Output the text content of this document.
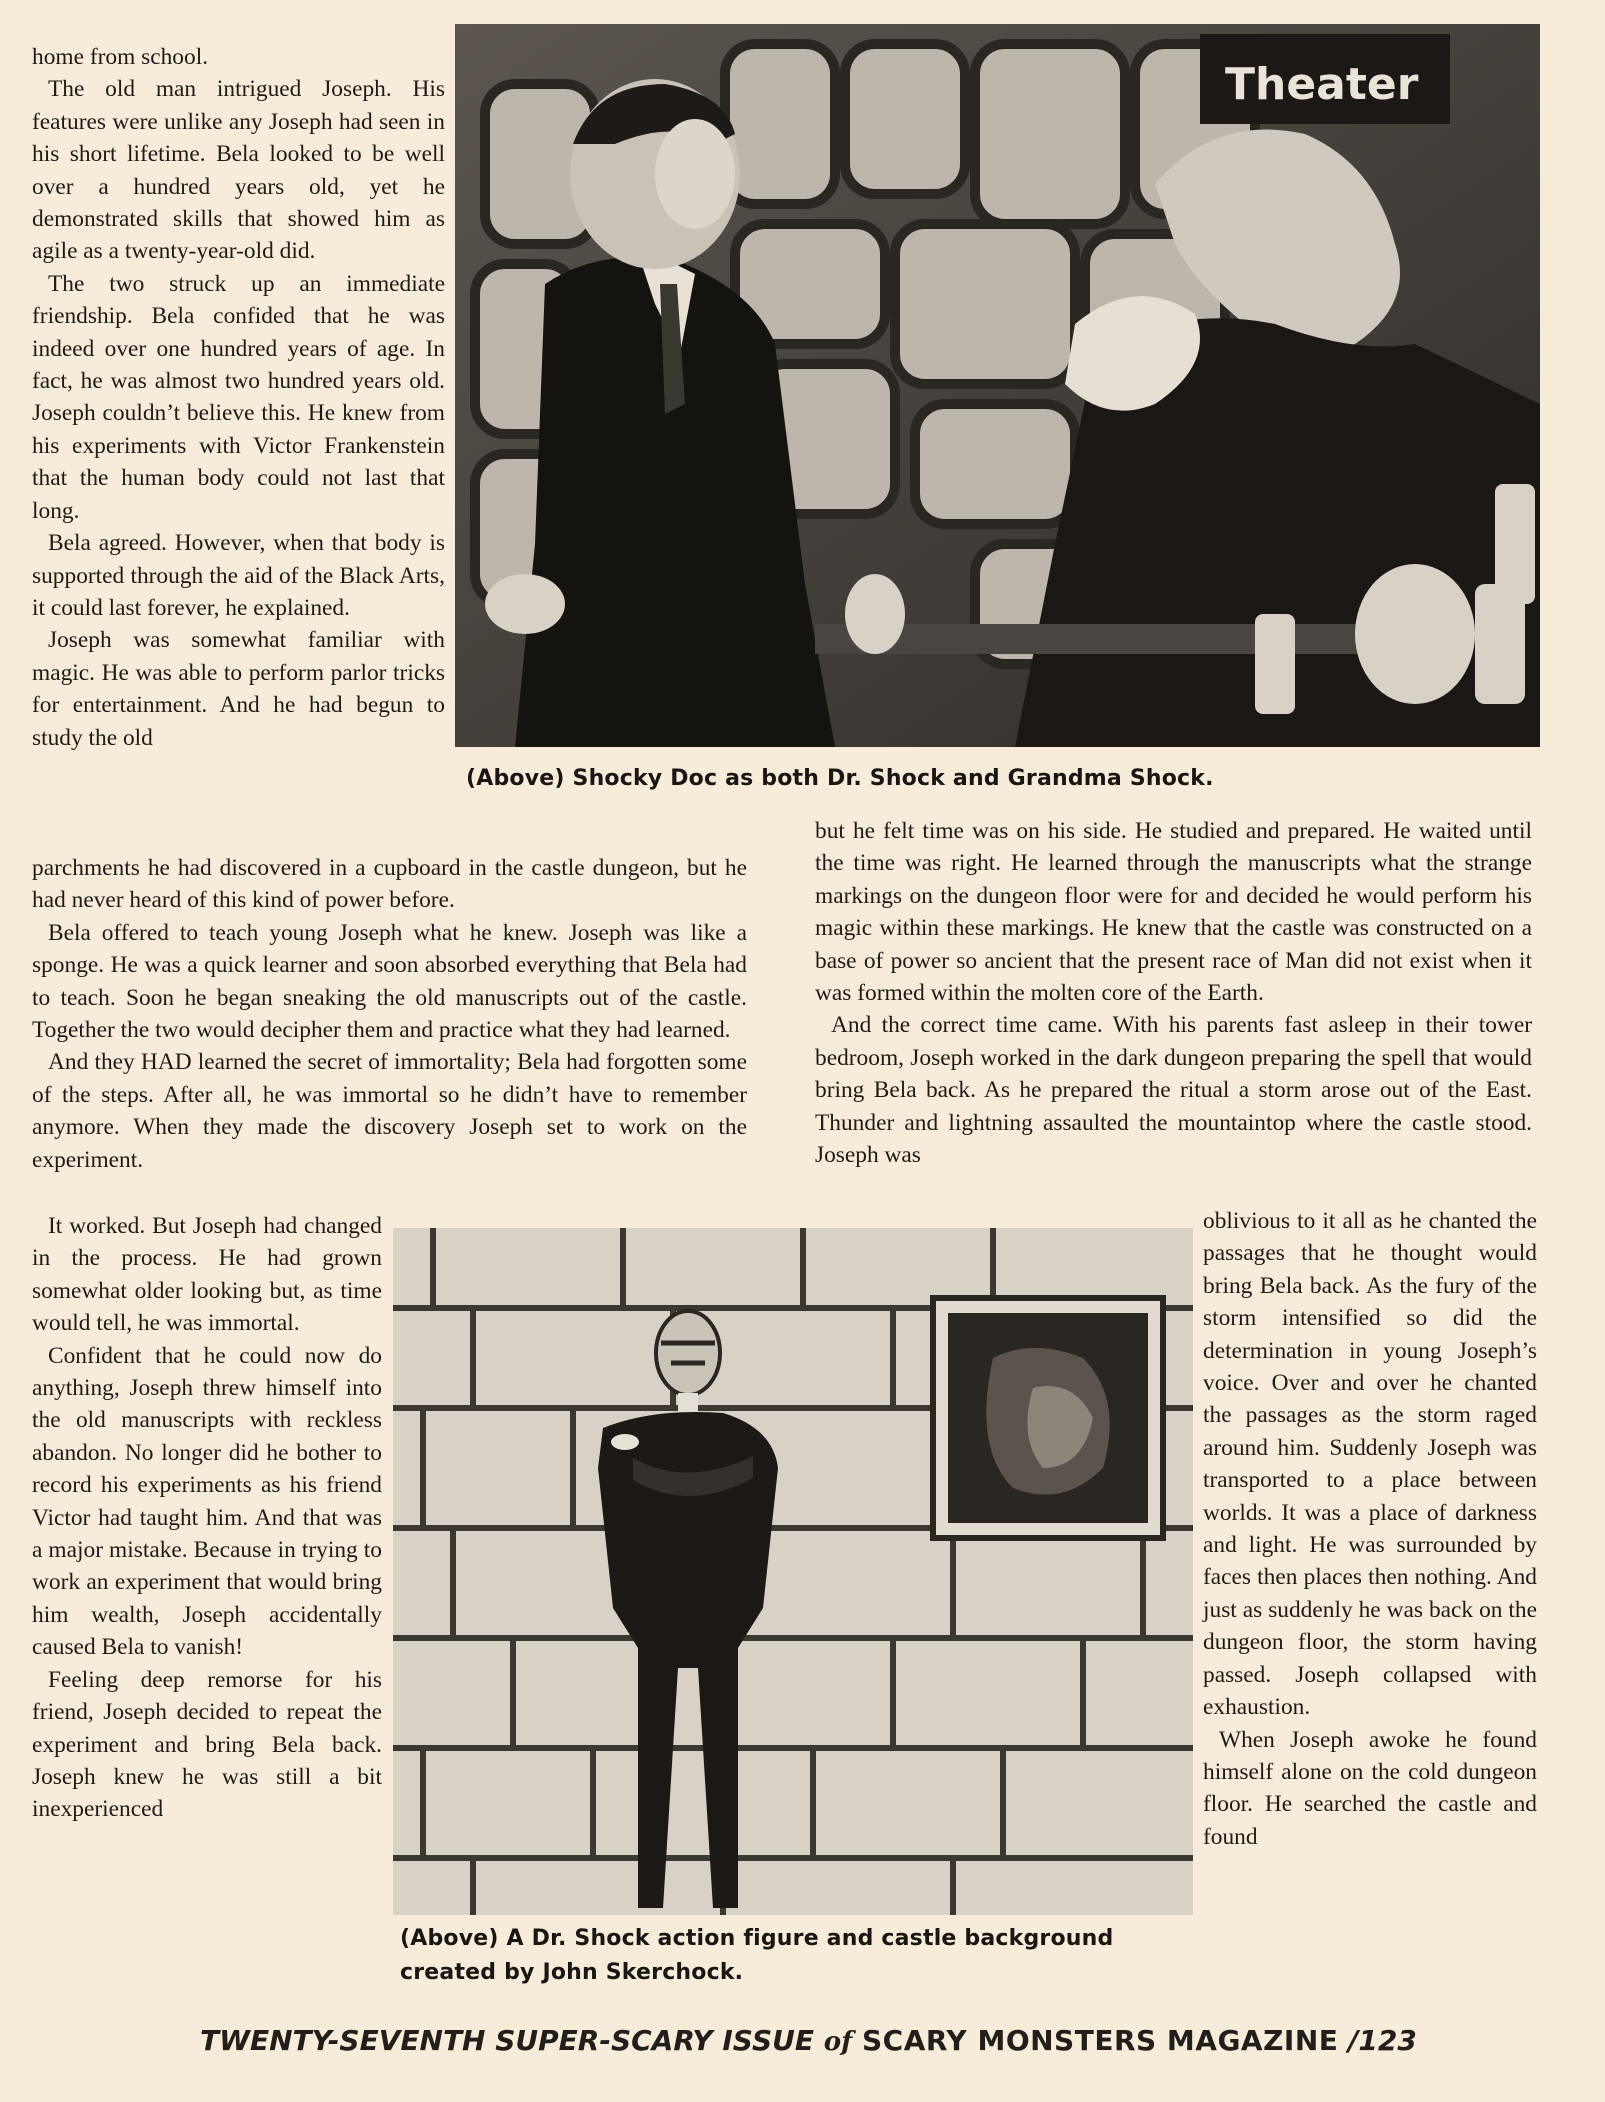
home from school.

The old man intrigued Joseph. His features were unlike any Joseph had seen in his short lifetime. Bela looked to be well over a hundred years old, yet he demonstrated skills that showed him as agile as a twenty-year-old did.

The two struck up an immediate friendship. Bela confided that he was indeed over one hundred years of age. In fact, he was almost two hundred years old. Joseph couldn’t believe this. He knew from his experiments with Victor Frankenstein that the human body could not last that long.

Bela agreed. However, when that body is supported through the aid of the Black Arts, it could last forever, he explained.

Joseph was somewhat familiar with magic. He was able to perform parlor tricks for entertainment. And he had begun to study the old

Theater
(Above) Shocky Doc as both Dr. Shock and Grandma Shock.

parchments he had discovered in a cupboard in the castle dungeon, but he had never heard of this kind of power before.

Bela offered to teach young Joseph what he knew. Joseph was like a sponge. He was a quick learner and soon absorbed everything that Bela had to teach. Soon he began sneaking the old manuscripts out of the castle. Together the two would decipher them and practice what they had learned.

And they HAD learned the secret of immortality; Bela had forgotten some of the steps. After all, he was immortal so he didn’t have to remember anymore. When they made the discovery Joseph set to work on the experiment.

but he felt time was on his side. He studied and prepared. He waited until the time was right. He learned through the manuscripts what the strange markings on the dungeon floor were for and decided he would perform his magic within these markings. He knew that the castle was constructed on a base of power so ancient that the present race of Man did not exist when it was formed within the molten core of the Earth.

And the correct time came. With his parents fast asleep in their tower bedroom, Joseph worked in the dark dungeon preparing the spell that would bring Bela back. As he prepared the ritual a storm arose out of the East. Thunder and lightning assaulted the mountaintop where the castle stood. Joseph was

It worked. But Joseph had changed in the process. He had grown somewhat older looking but, as time would tell, he was immortal.

Confident that he could now do anything, Joseph threw himself into the old manuscripts with reckless abandon. No longer did he bother to record his experiments as his friend Victor had taught him. And that was a major mistake. Because in trying to work an experiment that would bring him wealth, Joseph accidentally caused Bela to vanish!

Feeling deep remorse for his friend, Joseph decided to repeat the experiment and bring Bela back. Joseph knew he was still a bit inexperienced

(Above) A Dr. Shock action figure and castle background created by John Skerchock.

oblivious to it all as he chanted the passages that he thought would bring Bela back. As the fury of the storm intensified so did the determination in young Joseph’s voice. Over and over he chanted the passages as the storm raged around him. Suddenly Joseph was transported to a place between worlds. It was a place of darkness and light. He was surrounded by faces then places then nothing. And just as suddenly he was back on the dungeon floor, the storm having passed. Joseph collapsed with exhaustion.

When Joseph awoke he found himself alone on the cold dungeon floor. He searched the castle and found

TWENTY-SEVENTH SUPER-SCARY ISSUE of SCARY MONSTERS MAGAZINE /123
